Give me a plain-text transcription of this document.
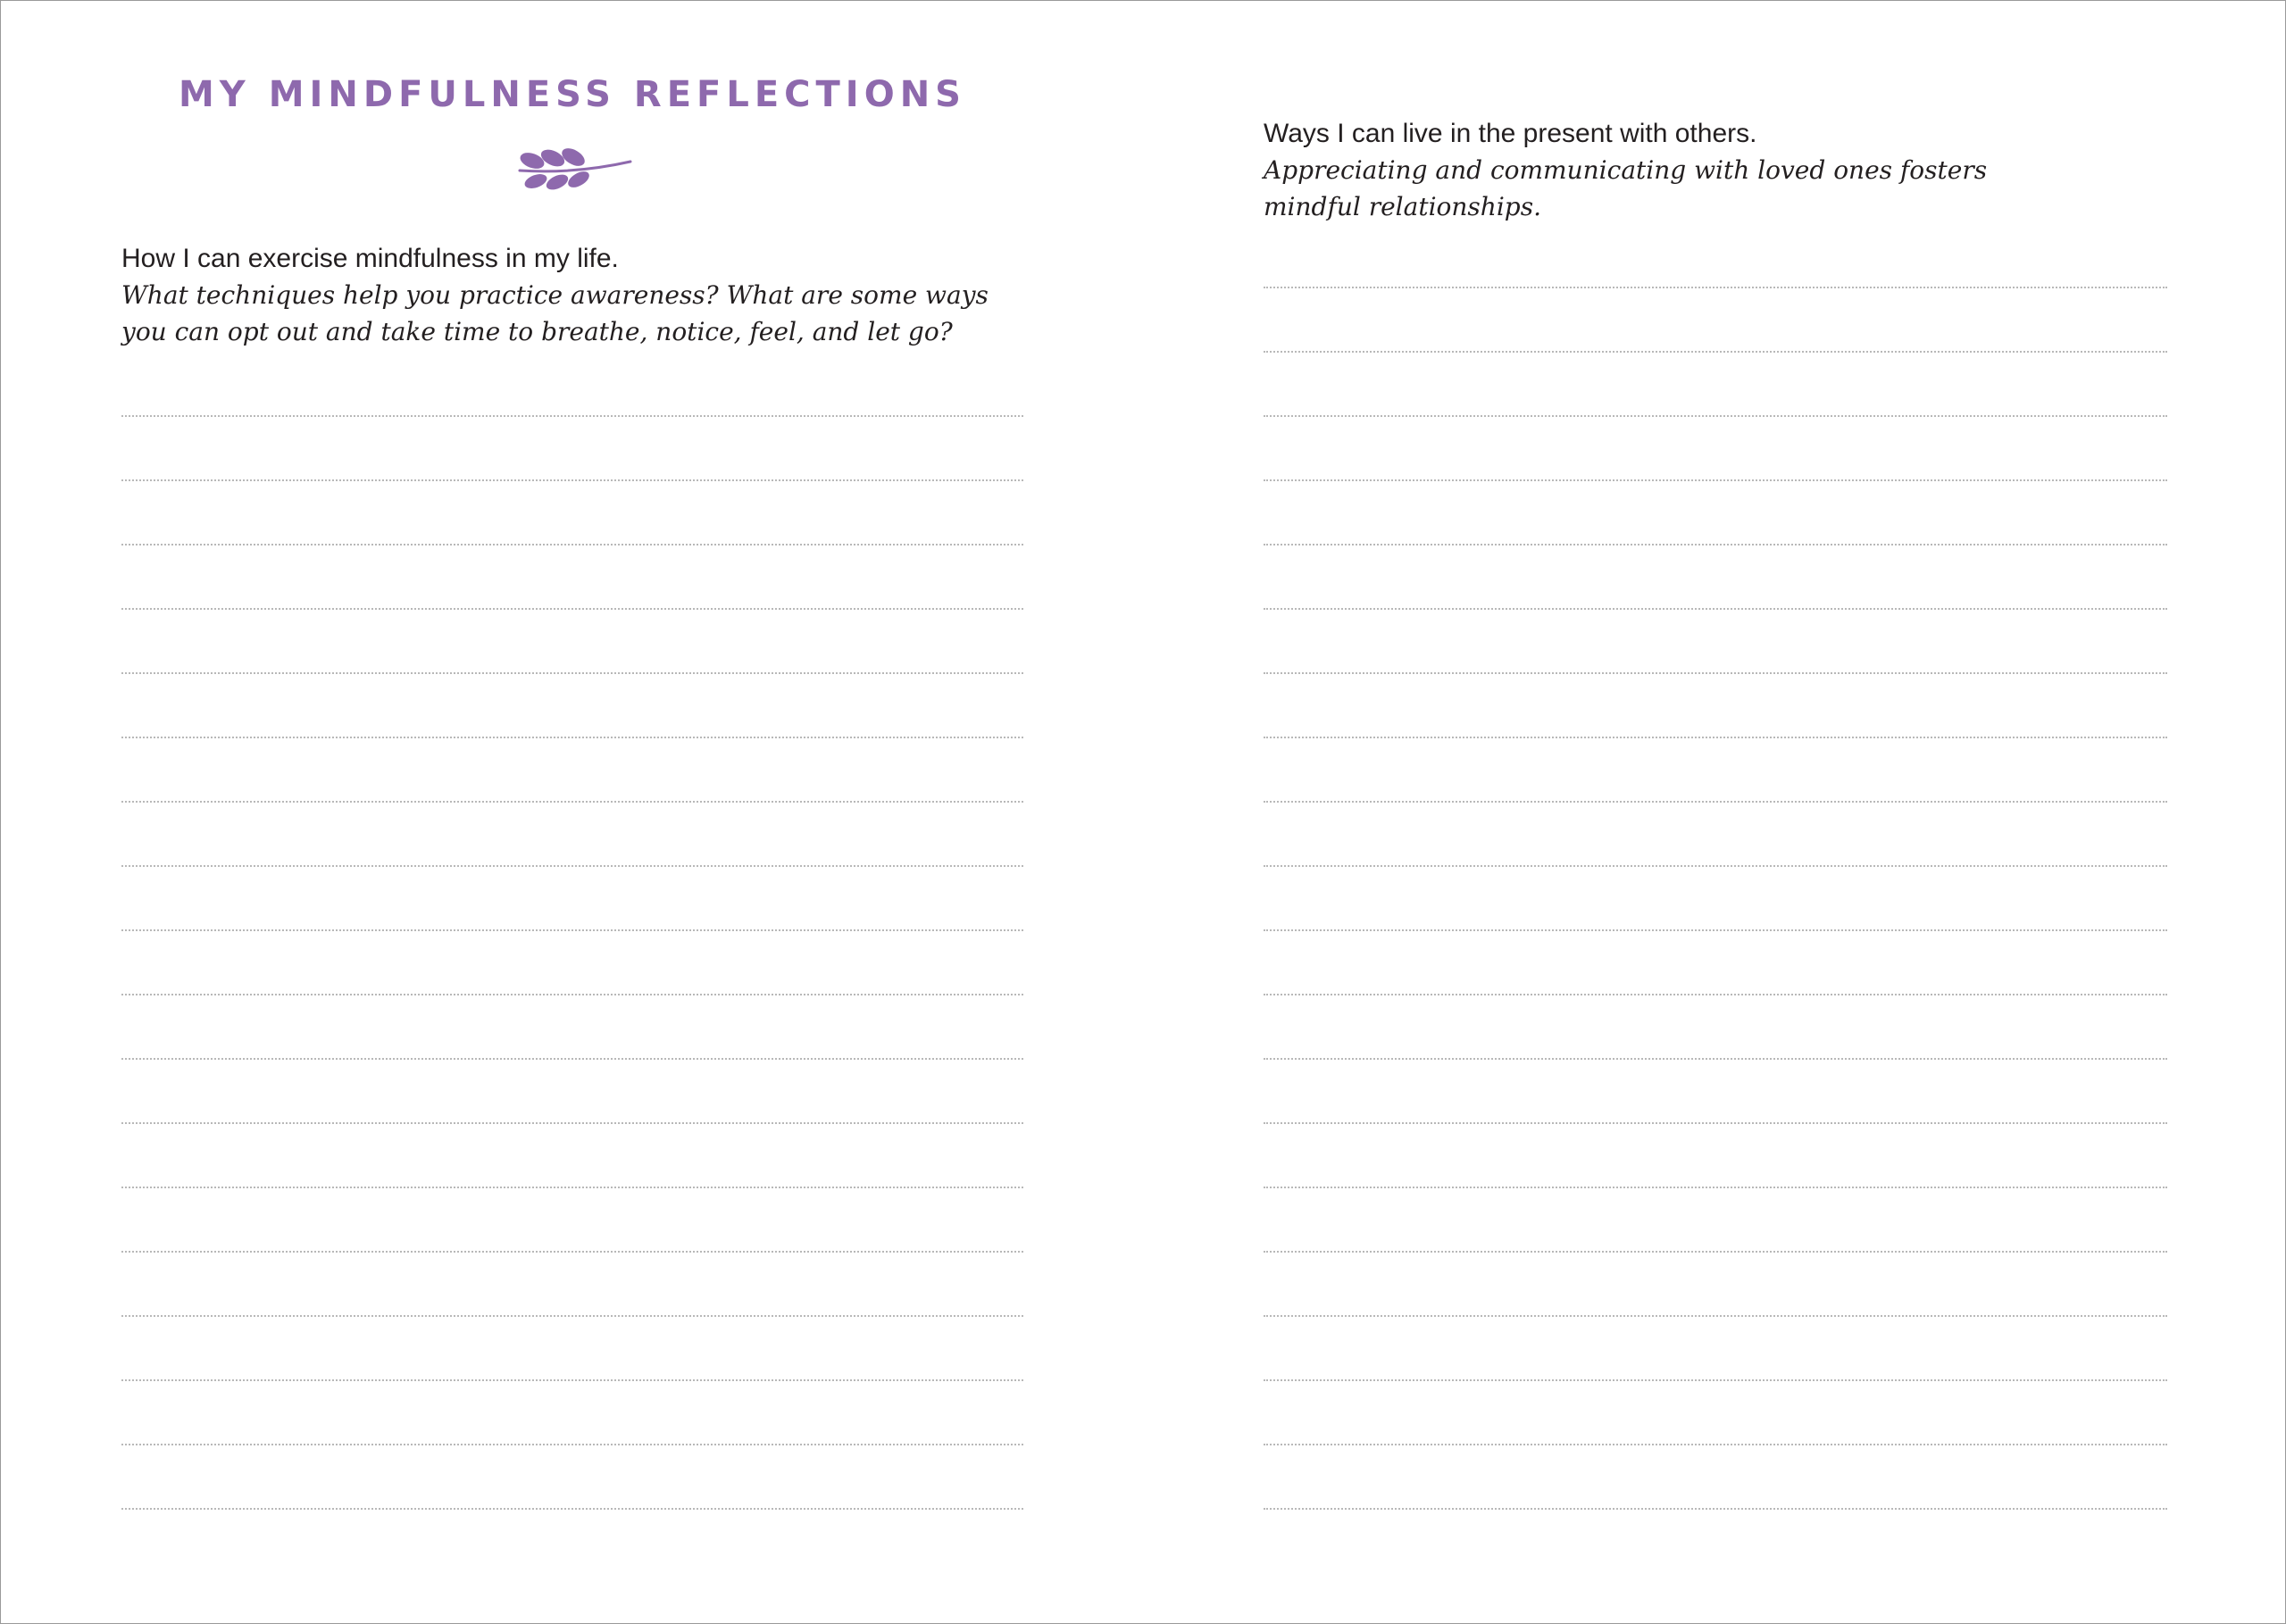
MY MINDFULNESS REFLECTIONS
How I can exercise mindfulness in my life.
What techniques help you practice awareness? What are some ways you can opt out and take time to breathe, notice, feel, and let go?
Ways I can live in the present with others.
Appreciating and communicating with loved ones fosters mindful relationships.
